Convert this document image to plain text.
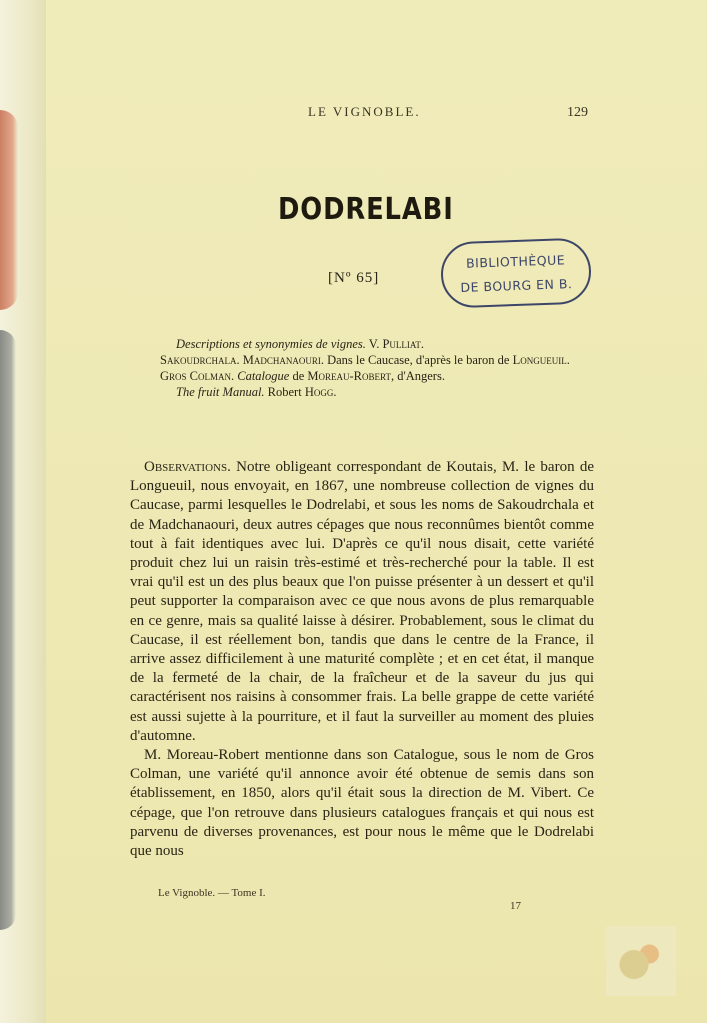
LE VIGNOBLE.	129
DODRELABI
[Nº 65]
BIBLIOTHÈQUE
DE BOURG EN B.

Descriptions et synonymies de vignes. V. Pulliat.

Sakoudrchala. Madchanaouri. Dans le Caucase, d'après le baron de Longueuil.

Gros Colman. Catalogue de Moreau-Robert, d'Angers.

The fruit Manual. Robert Hogg.

Observations. Notre obligeant correspondant de Koutais, M. le baron de Longueuil, nous envoyait, en 1867, une nombreuse collection de vignes du Caucase, parmi lesquelles le Dodrelabi, et sous les noms de Sakoudrchala et de Madchanaouri, deux autres cépages que nous reconnûmes bientôt comme tout à fait identiques avec lui. D'après ce qu'il nous disait, cette variété produit chez lui un raisin très-estimé et très-recherché pour la table. Il est vrai qu'il est un des plus beaux que l'on puisse présenter à un dessert et qu'il peut supporter la comparaison avec ce que nous avons de plus remarquable en ce genre, mais sa qualité laisse à désirer. Probablement, sous le climat du Caucase, il est réellement bon, tandis que dans le centre de la France, il arrive assez difficilement à une maturité complète ; et en cet état, il manque de la fermeté de la chair, de la fraîcheur et de la saveur du jus qui caractérisent nos raisins à consommer frais. La belle grappe de cette variété est aussi sujette à la pourriture, et il faut la surveiller au moment des pluies d'automne.

M. Moreau-Robert mentionne dans son Catalogue, sous le nom de Gros Colman, une variété qu'il annonce avoir été obtenue de semis dans son établissement, en 1850, alors qu'il était sous la direction de M. Vibert. Ce cépage, que l'on retrouve dans plusieurs catalogues français et qui nous est parvenu de diverses provenances, est pour nous le même que le Dodrelabi que nous

Le Vignoble. — Tome I.
17
